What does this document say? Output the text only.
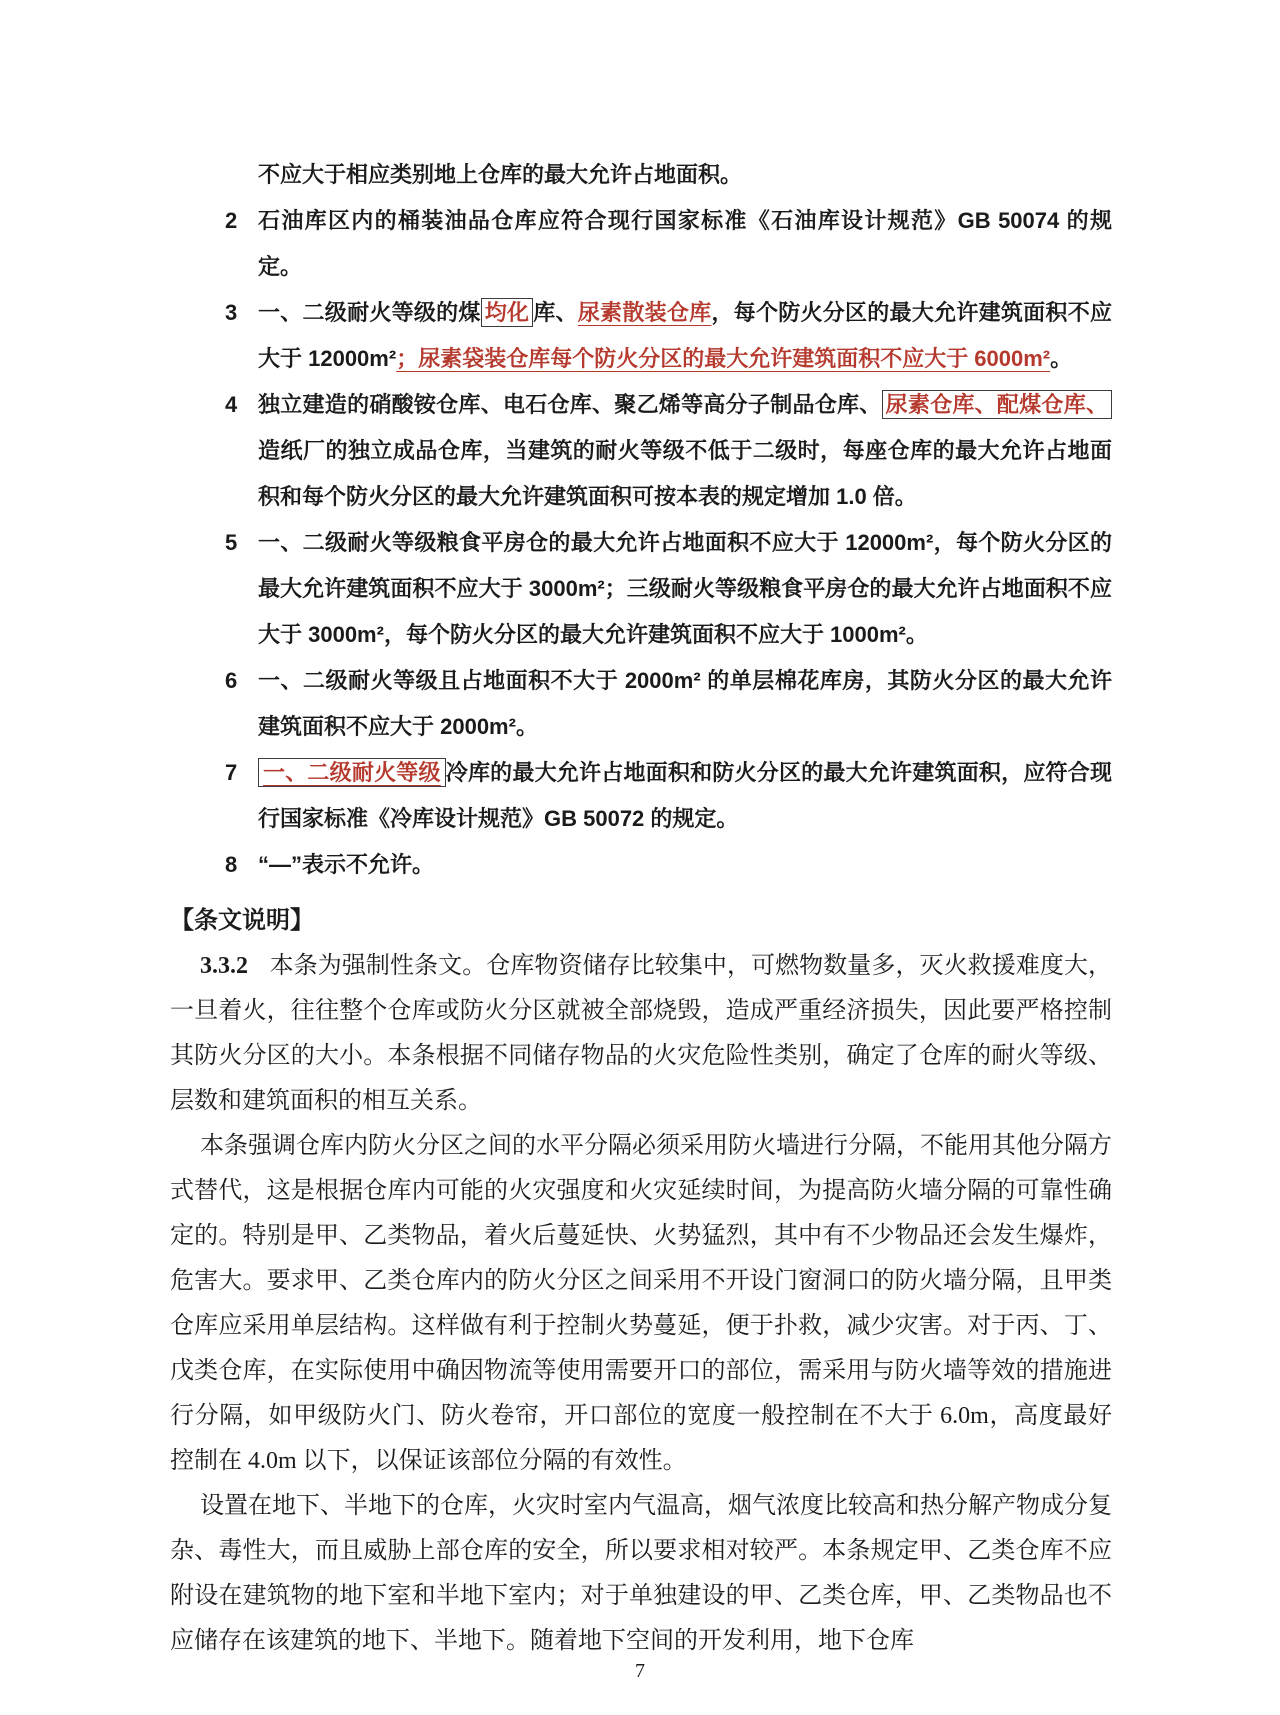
不应大于相应类别地上仓库的最大允许占地面积。

2 石油库区内的桶装油品仓库应符合现行国家标准《石油库设计规范》GB 50074 的规定。
3 一、二级耐火等级的煤 均化 库、尿素散装仓库，每个防火分区的最大允许建筑面积不应大于 12000m²；尿素袋装仓库每个防火分区的最大允许建筑面积不应大于 6000m²。
4 独立建造的硝酸铵仓库、电石仓库、聚乙烯等高分子制品仓库、 尿素仓库、配煤仓库、造纸厂的独立成品仓库，当建筑的耐火等级不低于二级时，每座仓库的最大允许占地面积和每个防火分区的最大允许建筑面积可按本表的规定增加 1.0 倍。
5 一、二级耐火等级粮食平房仓的最大允许占地面积不应大于 12000m²，每个防火分区的最大允许建筑面积不应大于 3000m²；三级耐火等级粮食平房仓的最大允许占地面积不应大于 3000m²，每个防火分区的最大允许建筑面积不应大于 1000m²。
6 一、二级耐火等级且占地面积不大于 2000m² 的单层棉花库房，其防火分区的最大允许建筑面积不应大于 2000m²。
7 一、二级耐火等级 冷库的最大允许占地面积和防火分区的最大允许建筑面积，应符合现行国家标准《冷库设计规范》GB 50072 的规定。
8 “—”表示不允许。
【条文说明】

3.3.2 本条为强制性条文。仓库物资储存比较集中，可燃物数量多，灭火救援难度大，一旦着火，往往整个仓库或防火分区就被全部烧毁，造成严重经济损失，因此要严格控制其防火分区的大小。本条根据不同储存物品的火灾危险性类别，确定了仓库的耐火等级、层数和建筑面积的相互关系。

本条强调仓库内防火分区之间的水平分隔必须采用防火墙进行分隔，不能用其他分隔方式替代，这是根据仓库内可能的火灾强度和火灾延续时间，为提高防火墙分隔的可靠性确定的。特别是甲、乙类物品，着火后蔓延快、火势猛烈，其中有不少物品还会发生爆炸，危害大。要求甲、乙类仓库内的防火分区之间采用不开设门窗洞口的防火墙分隔，且甲类仓库应采用单层结构。这样做有利于控制火势蔓延，便于扑救，减少灾害。对于丙、丁、戊类仓库，在实际使用中确因物流等使用需要开口的部位，需采用与防火墙等效的措施进行分隔，如甲级防火门、防火卷帘，开口部位的宽度一般控制在不大于 6.0m，高度最好控制在 4.0m 以下，以保证该部位分隔的有效性。

设置在地下、半地下的仓库，火灾时室内气温高，烟气浓度比较高和热分解产物成分复杂、毒性大，而且威胁上部仓库的安全，所以要求相对较严。本条规定甲、乙类仓库不应附设在建筑物的地下室和半地下室内；对于单独建设的甲、乙类仓库，甲、乙类物品也不应储存在该建筑的地下、半地下。随着地下空间的开发利用，地下仓库

7
